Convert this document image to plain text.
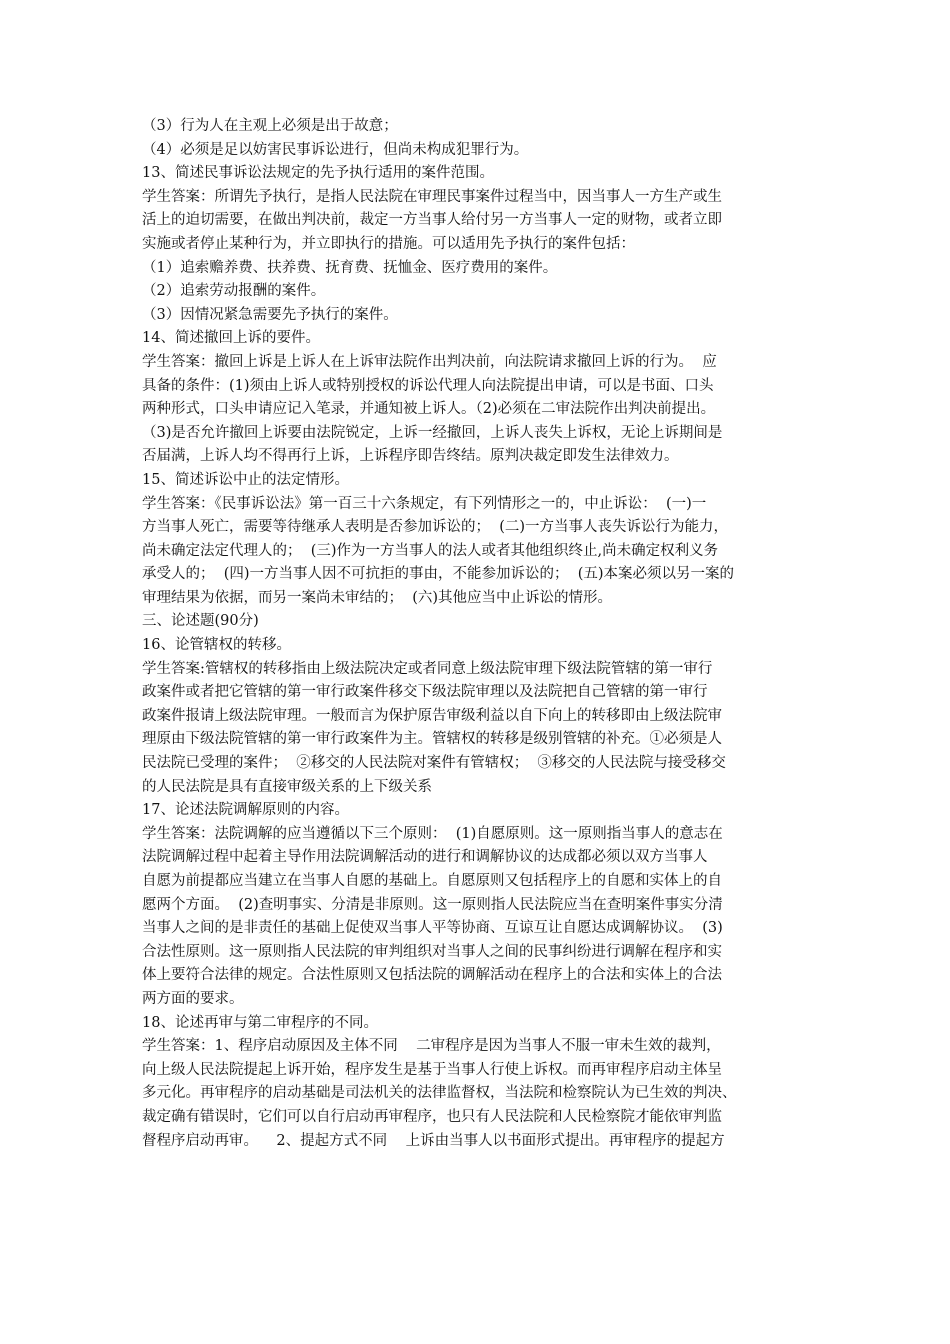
（3）行为人在主观上必须是出于故意；
（4）必须是足以妨害民事诉讼进行，但尚未构成犯罪行为。
13、简述民事诉讼法规定的先予执行适用的案件范围。
学生答案：所谓先予执行，是指人民法院在审理民事案件过程当中，因当事人一方生产或生
活上的迫切需要，在做出判决前，裁定一方当事人给付另一方当事人一定的财物，或者立即
实施或者停止某种行为，并立即执行的措施。可以适用先予执行的案件包括：
（1）追索赡养费、扶养费、抚育费、抚恤金、医疗费用的案件。
（2）追索劳动报酬的案件。
（3）因情况紧急需要先予执行的案件。
14、简述撤回上诉的要件。
学生答案：撤回上诉是上诉人在上诉审法院作出判决前，向法院请求撤回上诉的行为。  应
具备的条件：(1)须由上诉人或特别授权的诉讼代理人向法院提出申请，可以是书面、口头
两种形式，口头申请应记入笔录，并通知被上诉人。（2)必须在二审法院作出判决前提出。
（3)是否允许撤回上诉要由法院锐定，上诉一经撤回，上诉人丧失上诉权，无论上诉期间是
否届满，上诉人均不得再行上诉，上诉程序即告终结。原判决裁定即发生法律效力。
15、简述诉讼中止的法定情形。
学生答案：《民事诉讼法》第一百三十六条规定，有下列情形之一的，中止诉讼：  (一)一
方当事人死亡，需要等待继承人表明是否参加诉讼的；  (二)一方当事人丧失诉讼行为能力，
尚未确定法定代理人的；  (三)作为一方当事人的法人或者其他组织终止,尚未确定权利义务
承受人的；  (四)一方当事人因不可抗拒的事由，不能参加诉讼的；  (五)本案必须以另一案的
审理结果为依据，而另一案尚未审结的；  (六)其他应当中止诉讼的情形。
三、论述题(90分)
16、论管辖权的转移。
学生答案:管辖权的转移指由上级法院决定或者同意上级法院审理下级法院管辖的第一审行
政案件或者把它管辖的第一审行政案件移交下级法院审理以及法院把自己管辖的第一审行
政案件报请上级法院审理。一般而言为保护原告审级利益以自下向上的转移即由上级法院审
理原由下级法院管辖的第一审行政案件为主。管辖权的转移是级别管辖的补充。①必须是人
民法院已受理的案件；  ②移交的人民法院对案件有管辖权；  ③移交的人民法院与接受移交
的人民法院是具有直接审级关系的上下级关系
17、论述法院调解原则的内容。
学生答案：法院调解的应当遵循以下三个原则：  (1)自愿原则。这一原则指当事人的意志在
法院调解过程中起着主导作用法院调解活动的进行和调解协议的达成都必须以双方当事人
自愿为前提都应当建立在当事人自愿的基础上。自愿原则又包括程序上的自愿和实体上的自
愿两个方面。  (2)查明事实、分清是非原则。这一原则指人民法院应当在查明案件事实分清
当事人之间的是非责任的基础上促使双当事人平等协商、互谅互让自愿达成调解协议。  (3)
合法性原则。这一原则指人民法院的审判组织对当事人之间的民事纠纷进行调解在程序和实
体上要符合法律的规定。合法性原则又包括法院的调解活动在程序上的合法和实体上的合法
两方面的要求。
18、论述再审与第二审程序的不同。
学生答案：1、程序启动原因及主体不同    二审程序是因为当事人不服一审未生效的裁判，
向上级人民法院提起上诉开始，程序发生是基于当事人行使上诉权。而再审程序启动主体呈
多元化。再审程序的启动基础是司法机关的法律监督权，当法院和检察院认为已生效的判决、
裁定确有错误时，它们可以自行启动再审程序，也只有人民法院和人民检察院才能依审判监
督程序启动再审。    2、提起方式不同    上诉由当事人以书面形式提出。再审程序的提起方
